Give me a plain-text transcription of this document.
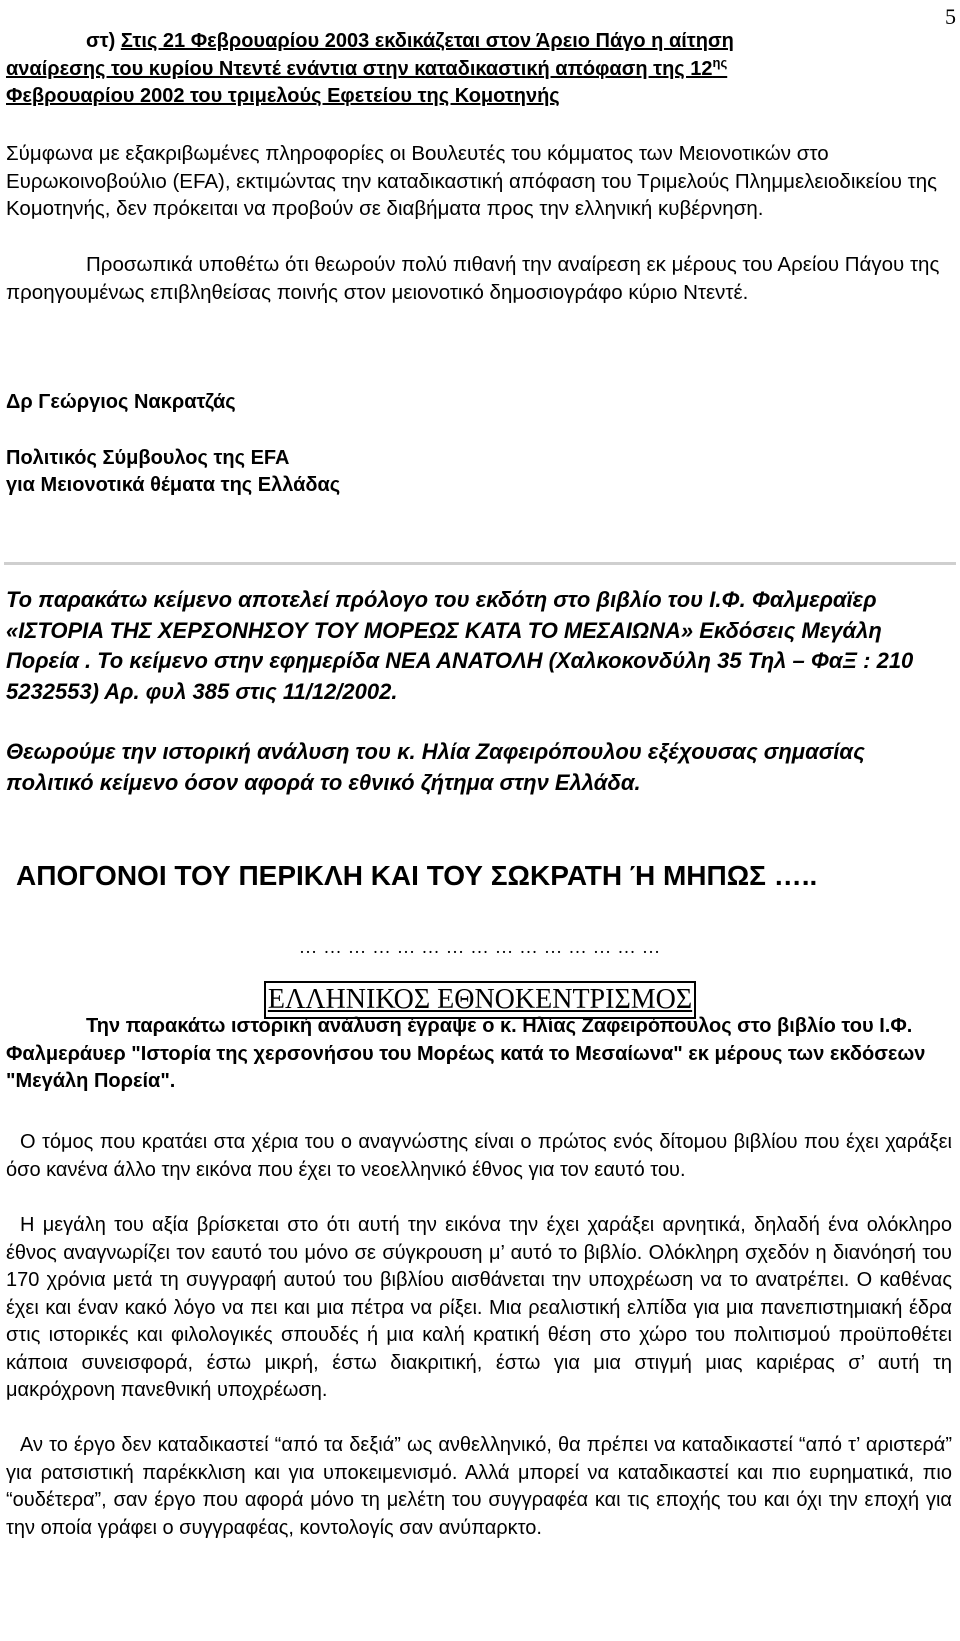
5

στ) Στις 21 Φεβρουαρίου 2003 εκδικάζεται στον Άρειο Πάγο η αίτηση
αναίρεσης του κυρίου Ντεντέ ενάντια στην καταδικαστική απόφαση της $12^{\eta\varsigma}$
Φεβρουαρίου 2002 του τριμελούς Εφετείου της Κομοτηνής

Σύμφωνα με εξακριβωμένες πληροφορίες οι Βουλευτές του κόμματος των Μειονοτικών στο Ευρωκοινοβούλιο (EFA), εκτιμώντας την καταδικαστική απόφαση του Τριμελούς Πλημμελειοδικείου της Κομοτηνής, δεν πρόκειται να προβούν σε διαβήματα προς την ελληνική κυβέρνηση.

Προσωπικά υποθέτω ότι θεωρούν πολύ πιθανή την αναίρεση εκ μέρους του Αρείου Πάγου της προηγουμένως επιβληθείσας ποινής στον μειονοτικό δημοσιογράφο κύριο Ντεντέ.

Δρ Γεώργιος Νακρατζάς

Πολιτικός Σύμβουλος της EFA

για Μειονοτικά θέματα της Ελλάδας

Το παρακάτω κείμενο αποτελεί πρόλογο του εκδότη στο βιβλίο του Ι.Φ. Φαλμεραϊερ «ΙΣΤΟΡΙΑ ΤΗΣ ΧΕΡΣΟΝΗΣΟΥ ΤΟΥ ΜΟΡΕΩΣ ΚΑΤΑ ΤΟ ΜΕΣΑΙΩΝΑ» Εκδόσεις Μεγάλη Πορεία . Το κείμενο στην εφημερίδα ΝΕΑ ΑΝΑΤΟΛΗ (Χαλκοκονδύλη 35 Τηλ – ΦαΞ : 210 5232553) Αρ. φυλ 385 στις 11/12/2002.

Θεωρούμε την ιστορική ανάλυση του κ. Ηλία Ζαφειρόπουλου εξέχουσας σημασίας πολιτικό κείμενο όσον αφορά το εθνικό ζήτημα στην Ελλάδα.

ΑΠΟΓΟΝΟΙ ΤΟΥ ΠΕΡΙΚΛΗ ΚΑΙ ΤΟΥ ΣΩΚΡΑΤΗ Ή ΜΗΠΩΣ …..
… … … … … … … … … … … … … … …
ΕΛΛΗΝΙΚΟΣ ΕΘΝΟΚΕΝΤΡΙΣΜΟΣ

Την παρακάτω ιστορική ανάλυση έγραψε ο κ. Ηλίας Ζαφειρόπουλος στο βιβλίο του Ι.Φ. Φαλμεράυερ "Ιστορία της χερσονήσου του Μορέως κατά το Μεσαίωνα" εκ μέρους των εκδόσεων "Μεγάλη Πορεία".

Ο τόμος που κρατάει στα χέρια του ο αναγνώστης είναι ο πρώτος ενός δίτομου βιβλίου που έχει χαράξει όσο κανένα άλλο την εικόνα που έχει το νεοελληνικό έθνος για τον εαυτό του.

Η μεγάλη του αξία βρίσκεται στο ότι αυτή την εικόνα την έχει χαράξει αρνητικά, δηλαδή ένα ολόκληρο έθνος αναγνωρίζει τον εαυτό του μόνο σε σύγκρουση μ’ αυτό το βιβλίο. Ολόκληρη σχεδόν η διανόησή του 170 χρόνια μετά τη συγγραφή αυτού του βιβλίου αισθάνεται την υποχρέωση να το ανατρέπει. Ο καθένας έχει και έναν κακό λόγο να πει και μια πέτρα να ρίξει. Μια ρεαλιστική ελπίδα για μια πανεπιστημιακή έδρα στις ιστορικές και φιλολογικές σπουδές ή μια καλή κρατική θέση στο χώρο του πολιτισμού προϋποθέτει κάποια συνεισφορά, έστω μικρή, έστω διακριτική, έστω για μια στιγμή μιας καριέρας σ’ αυτή τη μακρόχρονη πανεθνική υποχρέωση.

Αν το έργο δεν καταδικαστεί “από τα δεξιά” ως ανθελληνικό, θα πρέπει να καταδικαστεί “από τ’ αριστερά” για ρατσιστική παρέκκλιση και για υποκειμενισμό. Αλλά μπορεί να καταδικαστεί και πιο ευρηματικά, πιο “ουδέτερα”, σαν έργο που αφορά μόνο τη μελέτη του συγγραφέα και τις εποχής του και όχι την εποχή για την οποία γράφει ο συγγραφέας, κοντολογίς σαν ανύπαρκτο.
